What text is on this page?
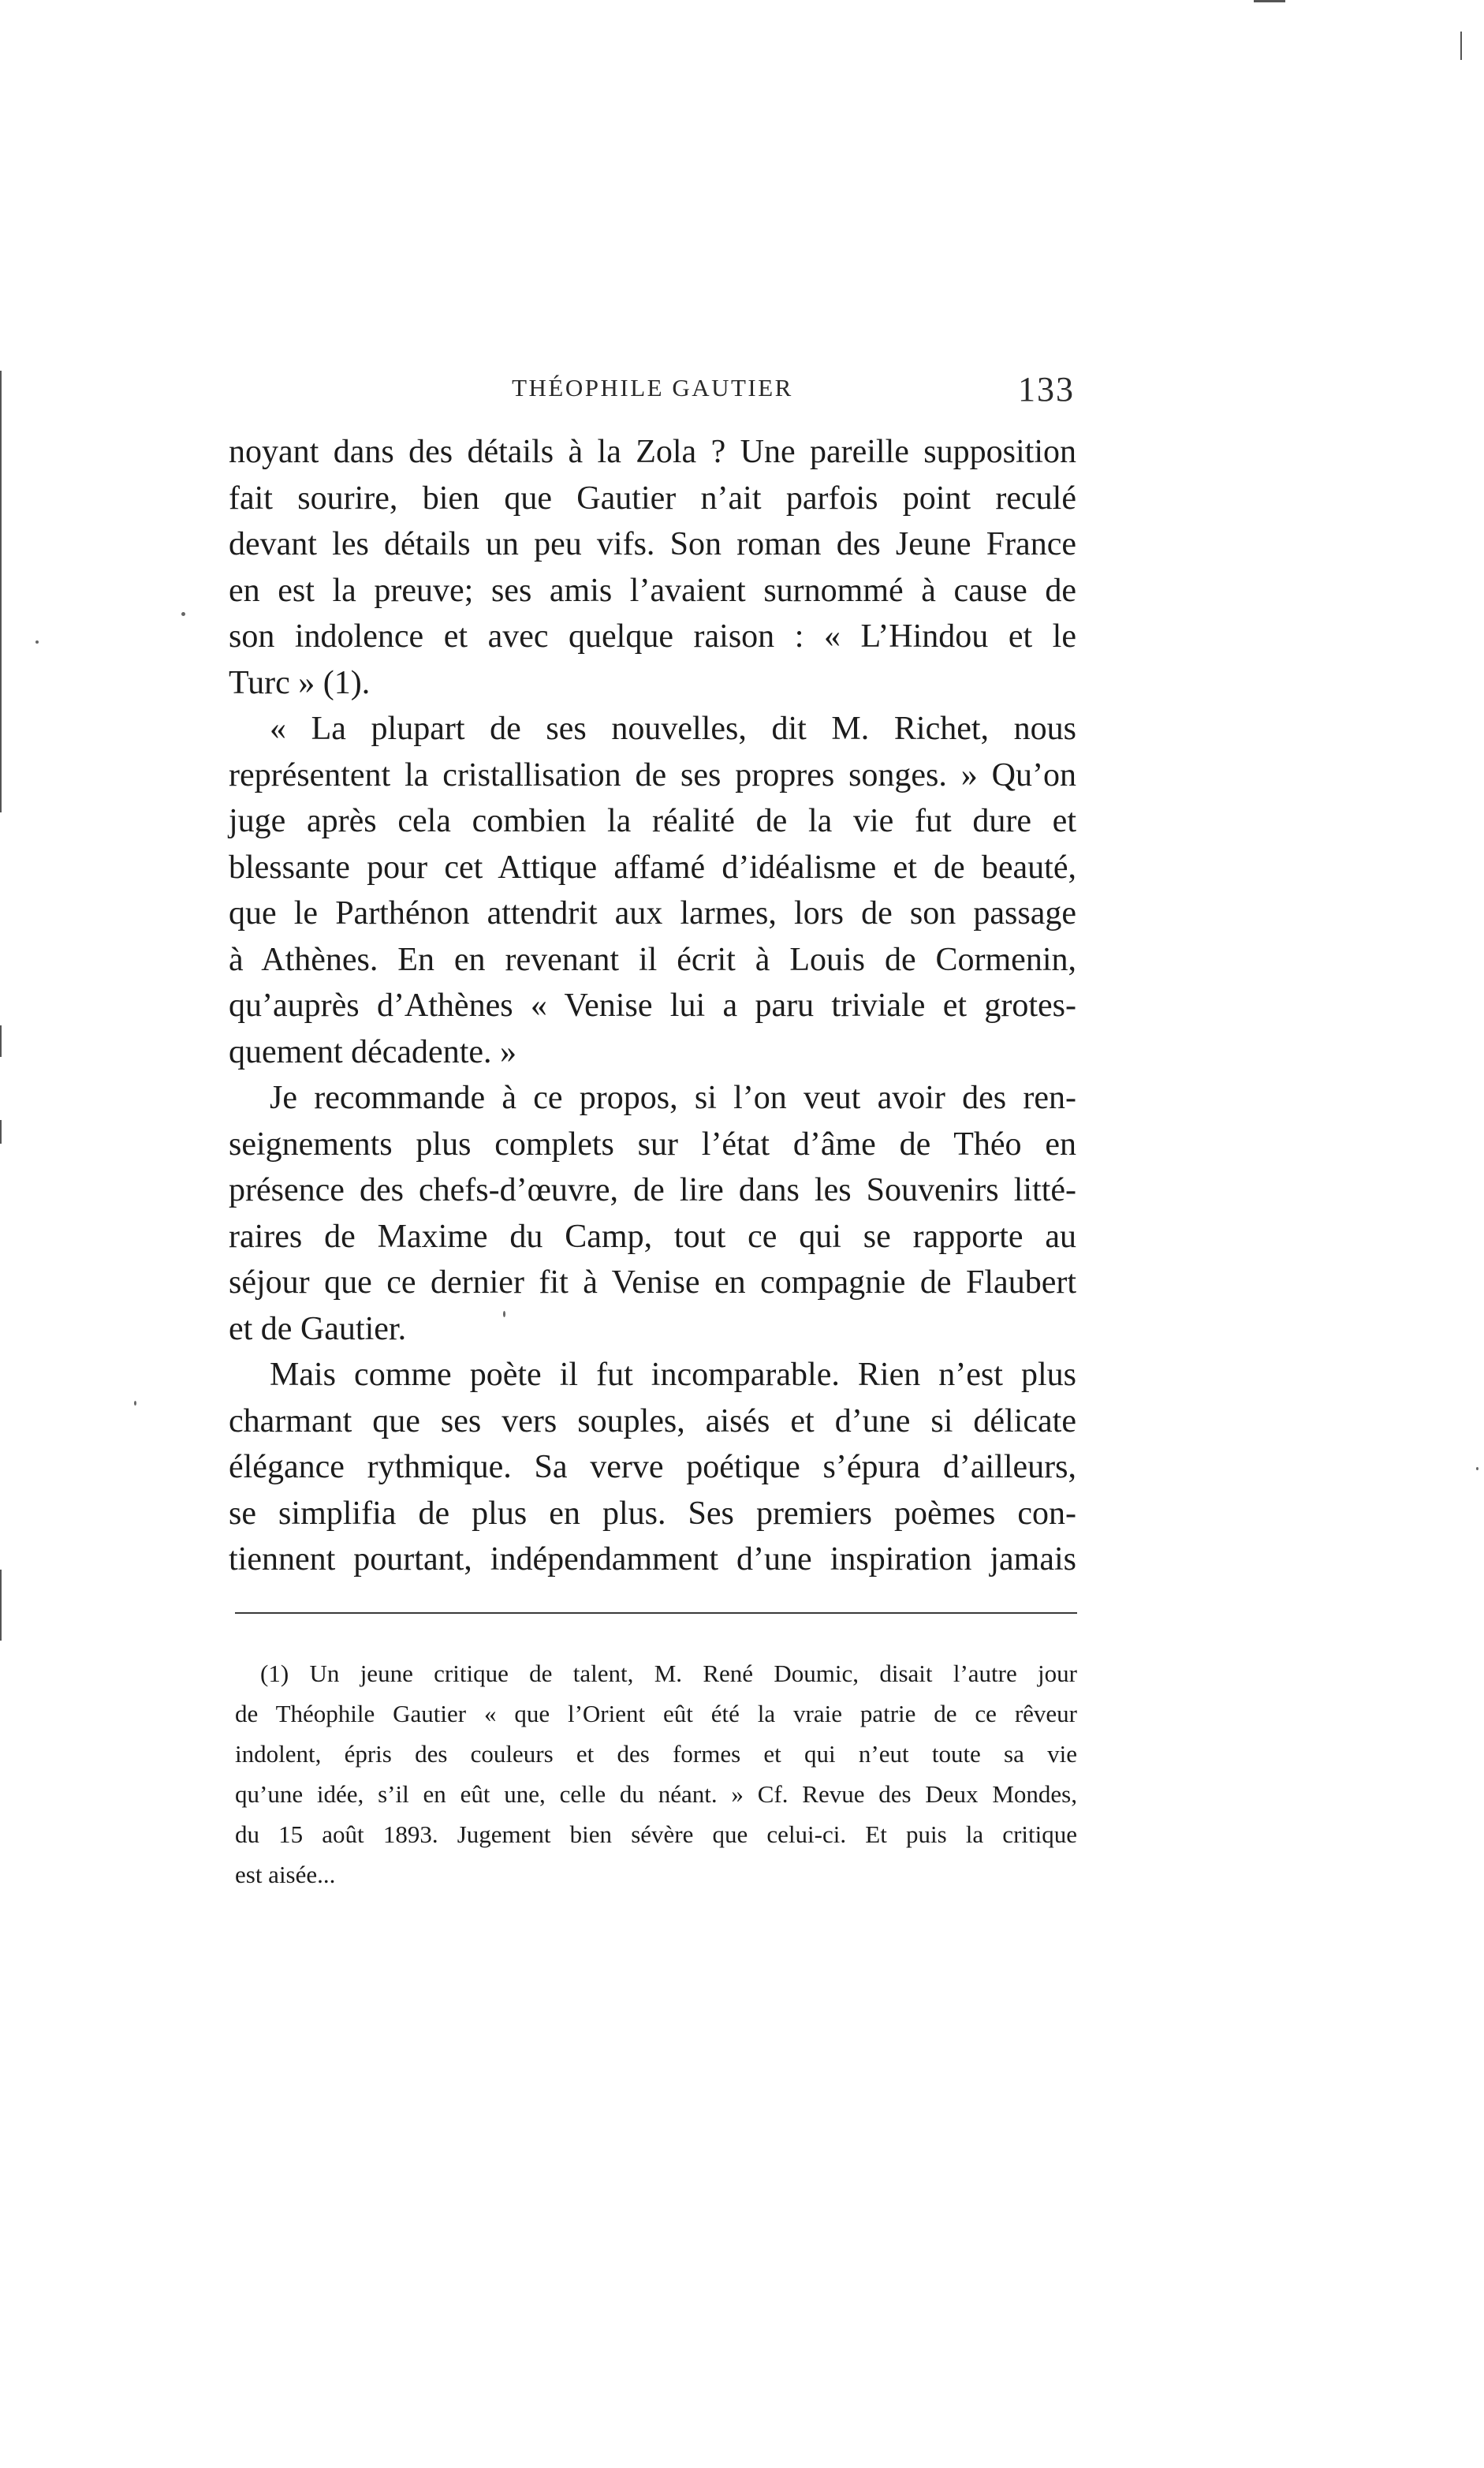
THÉOPHILE GAUTIER	133
noyant dans des détails à la Zola ? Une pareille supposition
fait sourire, bien que Gautier n’ait parfois point reculé
devant les détails un peu vifs. Son roman des Jeune France
en est la preuve; ses amis l’avaient surnommé à cause de
son indolence et avec quelque raison : « L’Hindou et le
Turc » (1).
« La plupart de ses nouvelles, dit M. Richet, nous
représentent la cristallisation de ses propres songes. » Qu’on
juge après cela combien la réalité de la vie fut dure et
blessante pour cet Attique affamé d’idéalisme et de beauté,
que le Parthénon attendrit aux larmes, lors de son passage
à Athènes. En en revenant il écrit à Louis de Cormenin,
qu’auprès d’Athènes « Venise lui a paru triviale et grotes-
quement décadente. »
Je recommande à ce propos, si l’on veut avoir des ren-
seignements plus complets sur l’état d’âme de Théo en
présence des chefs-d’œuvre, de lire dans les Souvenirs litté-
raires de Maxime du Camp, tout ce qui se rapporte au
séjour que ce dernier fit à Venise en compagnie de Flaubert
et de Gautier.
Mais comme poète il fut incomparable. Rien n’est plus
charmant que ses vers souples, aisés et d’une si délicate
élégance rythmique. Sa verve poétique s’épura d’ailleurs,
se simplifia de plus en plus. Ses premiers poèmes con-
tiennent pourtant, indépendamment d’une inspiration jamais
(1) Un jeune critique de talent, M. René Doumic, disait l’autre jour
de Théophile Gautier « que l’Orient eût été la vraie patrie de ce rêveur
indolent, épris des couleurs et des formes et qui n’eut toute sa vie
qu’une idée, s’il en eût une, celle du néant. » Cf. Revue des Deux Mondes,
du 15 août 1893. Jugement bien sévère que celui-ci. Et puis la critique
est aisée...
